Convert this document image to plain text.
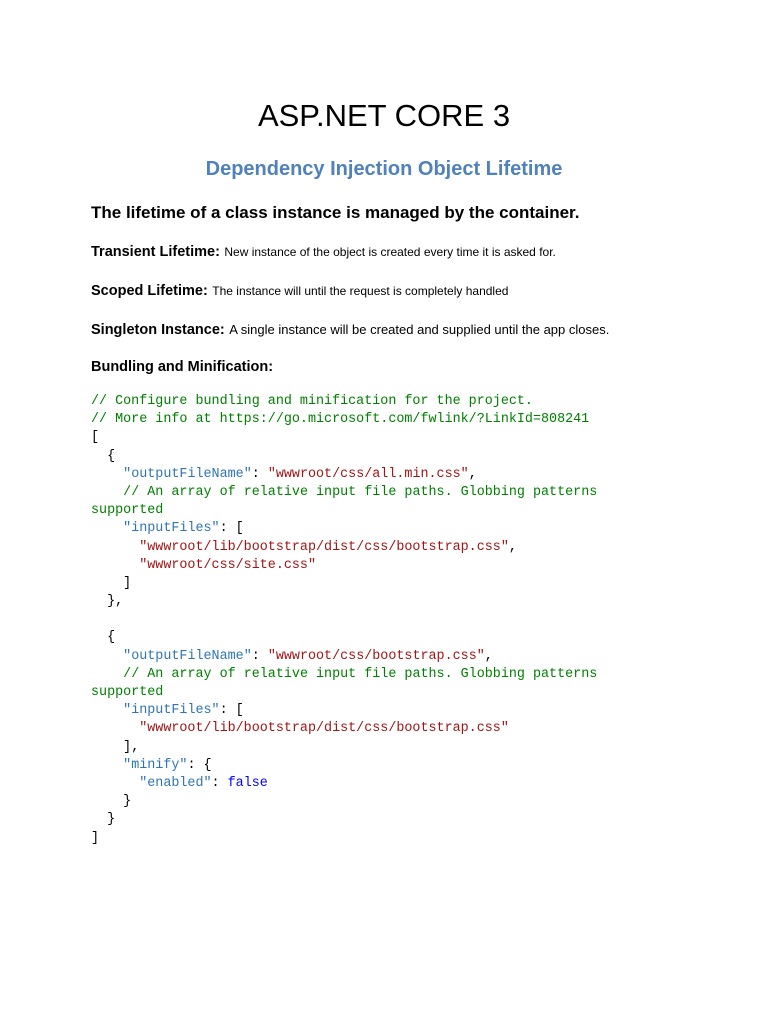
ASP.NET CORE 3
Dependency Injection Object Lifetime

The lifetime of a class instance is managed by the container.

Transient Lifetime: New instance of the object is created every time it is asked for.

Scoped Lifetime: The instance will until the request is completely handled

Singleton Instance: A single instance will be created and supplied until the app closes.

Bundling and Minification:

// Configure bundling and minification for the project.
// More info at https://go.microsoft.com/fwlink/?LinkId=808241
[
{
"outputFileName": "wwwroot/css/all.min.css",
// An array of relative input file paths. Globbing patterns
supported
"inputFiles": [
"wwwroot/lib/bootstrap/dist/css/bootstrap.css",
"wwwroot/css/site.css"
]
},

{
"outputFileName": "wwwroot/css/bootstrap.css",
// An array of relative input file paths. Globbing patterns
supported
"inputFiles": [
"wwwroot/lib/bootstrap/dist/css/bootstrap.css"
],
"minify": {
"enabled": false
}
}
]
